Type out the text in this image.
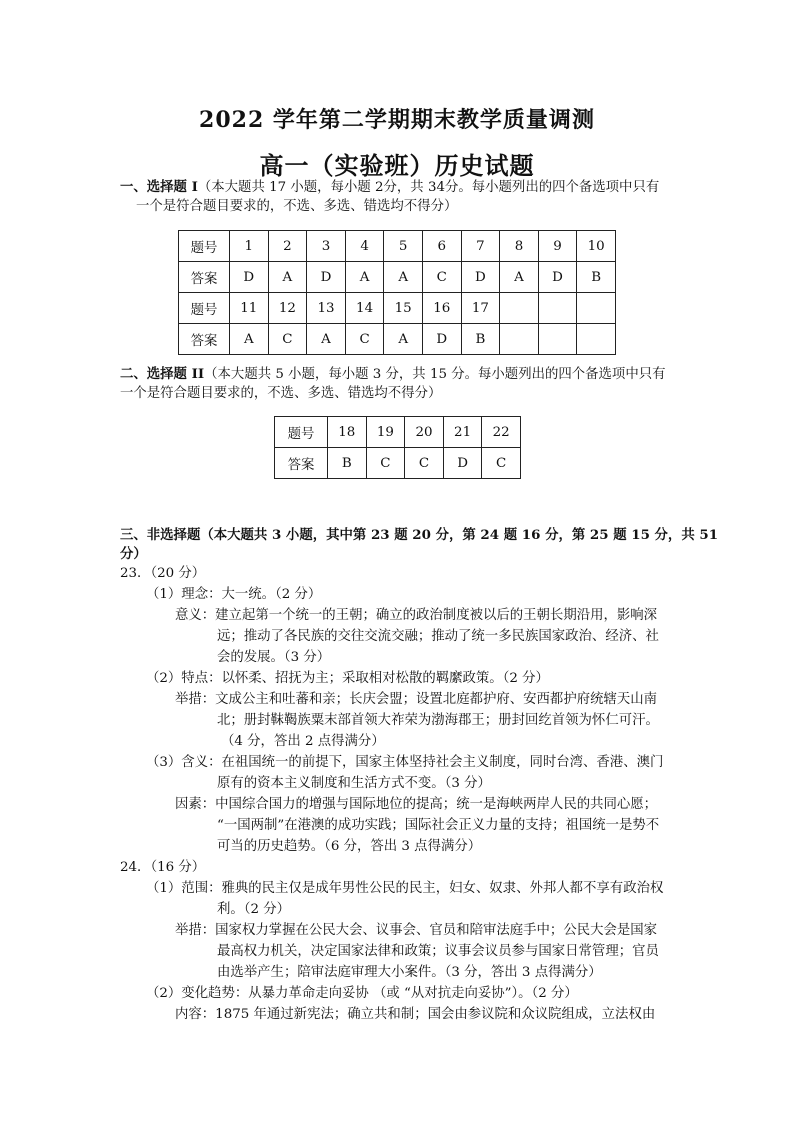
2022 学年第二学期期末教学质量调测
高一（实验班）历史试题

一、选择题 I（本大题共 17 小题，每小题 2分，共 34分。每小题列出的四个备选项中只有

一个是符合题目要求的，不选、多选、错选均不得分）

题号	1	2	3	4	5	6	7	8	9	10
答案	D	A	D	A	A	C	D	A	D	B
题号	11	12	13	14	15	16	17			
答案	A	C	A	C	A	D	B			

二、选择题 II（本大题共 5 小题，每小题 3 分，共 15 分。每小题列出的四个备选项中只有

一个是符合题目要求的，不选、多选、错选均不得分）

题号	18	19	20	21	22
答案	B	C	C	D	C

三、非选择题（本大题共 3 小题，其中第 23 题 20 分，第 24 题 16 分，第 25 题 15 分，共 51

分）

23．（20 分）

（1）理念：大一统。（2 分）

意义：建立起第一个统一的王朝；确立的政治制度被以后的王朝长期沿用，影响深

远；推动了各民族的交往交流交融；推动了统一多民族国家政治、经济、社

会的发展。（3 分）

（2）特点：以怀柔、招抚为主；采取相对松散的羁縻政策。（2 分）

举措：文成公主和吐蕃和亲；长庆会盟；设置北庭都护府、安西都护府统辖天山南

北；册封靺鞨族粟末部首领大祚荣为渤海郡王；册封回纥首领为怀仁可汗。

（4 分，答出 2 点得满分）

（3）含义：在祖国统一的前提下，国家主体坚持社会主义制度，同时台湾、香港、澳门

原有的资本主义制度和生活方式不变。（3 分）

因素：中国综合国力的增强与国际地位的提高；统一是海峡两岸人民的共同心愿；

“一国两制”在港澳的成功实践；国际社会正义力量的支持；祖国统一是势不

可当的历史趋势。（6 分，答出 3 点得满分）

24．（16 分）

（1）范围：雅典的民主仅是成年男性公民的民主，妇女、奴隶、外邦人都不享有政治权

利。（2 分）

举措：国家权力掌握在公民大会、议事会、官员和陪审法庭手中；公民大会是国家

最高权力机关，决定国家法律和政策；议事会议员参与国家日常管理；官员

由选举产生；陪审法庭审理大小案件。（3 分，答出 3 点得满分）

（2）变化趋势：从暴力革命走向妥协 （或 “从对抗走向妥协”）。（2 分）

内容：1875 年通过新宪法；确立共和制；国会由参议院和众议院组成，立法权由
